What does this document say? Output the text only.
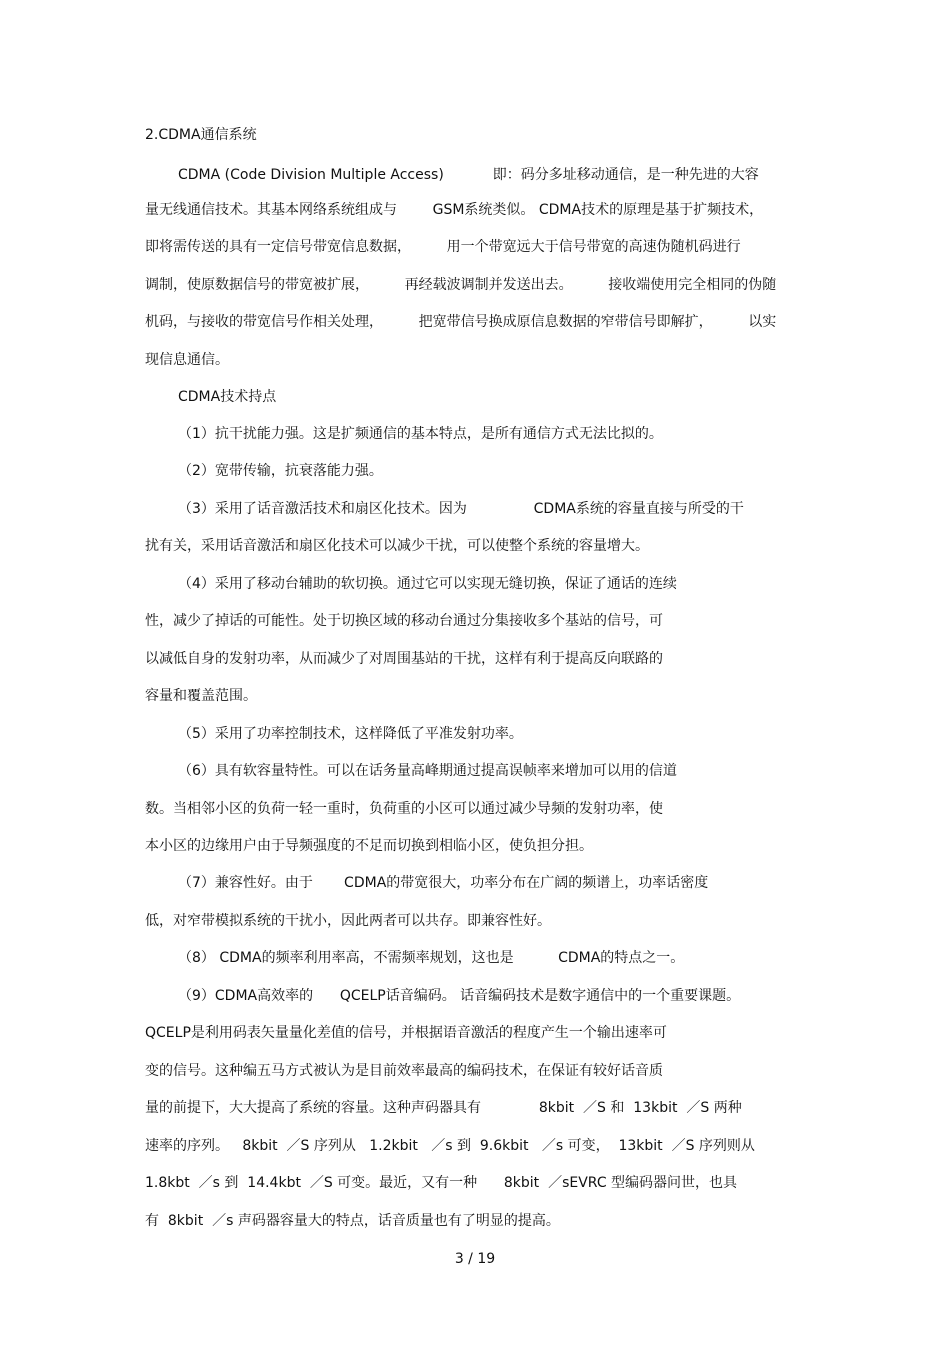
2.CDMA通信系统
CDMA (Code Division Multiple Access)           即：码分多址移动通信，是一种先进的大容
量无线通信技术。其基本网络系统组成与        GSM系统类似。 CDMA技术的原理是基于扩频技术，
即将需传送的具有一定信号带宽信息数据，        用一个带宽远大于信号带宽的高速伪随机码进行
调制，使原数据信号的带宽被扩展，        再经载波调制并发送出去。        接收端使用完全相同的伪随
机码，与接收的带宽信号作相关处理，        把宽带信号换成原信息数据的窄带信号即解扩，        以实
现信息通信。
CDMA技术持点
（1）抗干扰能力强。这是扩频通信的基本特点，是所有通信方式无法比拟的。
（2）宽带传输，抗衰落能力强。
（3）采用了话音激活技术和扇区化技术。因为               CDMA系统的容量直接与所受的干
扰有关，采用话音激活和扇区化技术可以减少干扰，可以使整个系统的容量增大。
（4）采用了移动台辅助的软切换。通过它可以实现无缝切换，保证了通话的连续
性，减少了掉话的可能性。处于切换区域的移动台通过分集接收多个基站的信号，可
以减低自身的发射功率，从而减少了对周围基站的干扰，这样有利于提高反向联路的
容量和覆盖范围。
（5）采用了功率控制技术，这样降低了平准发射功率。
（6）具有软容量特性。可以在话务量高峰期通过提高误帧率来增加可以用的信道
数。当相邻小区的负荷一轻一重时，负荷重的小区可以通过减少导频的发射功率，使
本小区的边缘用户由于导频强度的不足而切换到相临小区，使负担分担。
（7）兼容性好。由于       CDMA的带宽很大，功率分布在广阔的频谱上，功率话密度
低，对窄带模拟系统的干扰小，因此两者可以共存。即兼容性好。
（8） CDMA的频率利用率高，不需频率规划，这也是          CDMA的特点之一。
（9）CDMA高效率的      QCELP话音编码。 话音编码技术是数字通信中的一个重要课题。
QCELP是利用码表矢量量化差值的信号，并根据语音激活的程度产生一个输出速率可
变的信号。这种编五马方式被认为是目前效率最高的编码技术，在保证有较好话音质
量的前提下，大大提高了系统的容量。这种声码器具有             8kbit  ／S 和  13kbit  ／S 两种
速率的序列。   8kbit  ／S 序列从   1.2kbit   ／s 到  9.6kbit   ／s 可变，  13kbit  ／S 序列则从
1.8kbt  ／s 到  14.4kbt  ／S 可变。最近，又有一种      8kbit  ／sEVRC 型编码器问世，也具
有  8kbit  ／s 声码器容量大的特点，话音质量也有了明显的提高。
3 / 19
